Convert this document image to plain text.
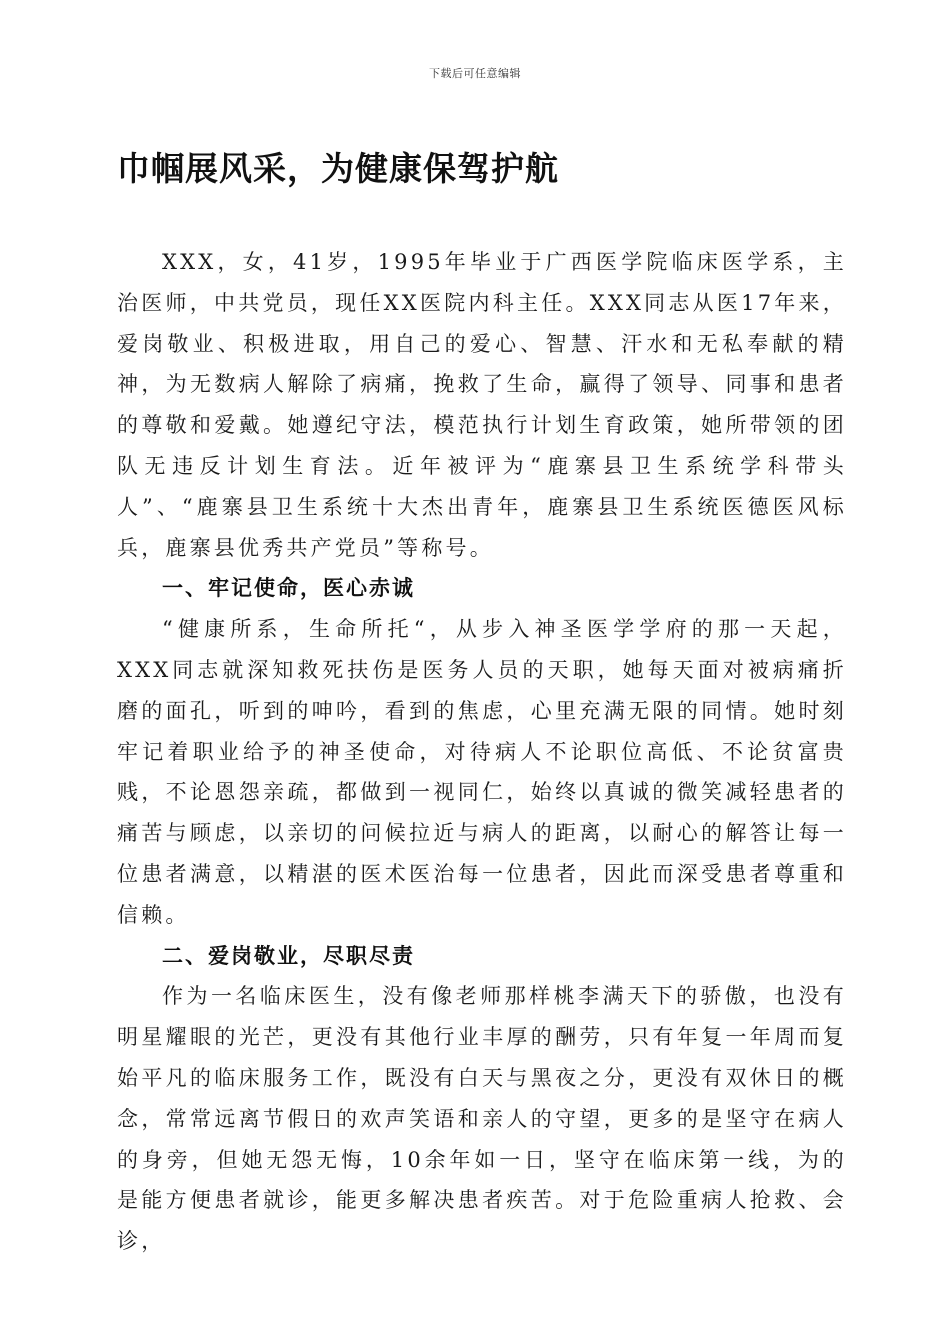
下载后可任意编辑
巾帼展风采，为健康保驾护航

XXX，女，41岁，1995年毕业于广西医学院临床医学系，主治医师，中共党员，现任XX医院内科主任。XXX同志从医17年来，爱岗敬业、积极进取，用自己的爱心、智慧、汗水和无私奉献的精神，为无数病人解除了病痛，挽救了生命，赢得了领导、同事和患者的尊敬和爱戴。她遵纪守法，模范执行计划生育政策，她所带领的团队无违反计划生育法。近年被评为“鹿寨县卫生系统学科带头人”、“鹿寨县卫生系统十大杰出青年，鹿寨县卫生系统医德医风标兵，鹿寨县优秀共产党员”等称号。

一、牢记使命，医心赤诚

“健康所系，生命所托“，从步入神圣医学学府的那一天起，XXX同志就深知救死扶伤是医务人员的天职，她每天面对被病痛折磨的面孔，听到的呻吟，看到的焦虑，心里充满无限的同情。她时刻牢记着职业给予的神圣使命，对待病人不论职位高低、不论贫富贵贱，不论恩怨亲疏，都做到一视同仁，始终以真诚的微笑减轻患者的痛苦与顾虑，以亲切的问候拉近与病人的距离，以耐心的解答让每一位患者满意，以精湛的医术医治每一位患者，因此而深受患者尊重和信赖。

二、爱岗敬业，尽职尽责

作为一名临床医生，没有像老师那样桃李满天下的骄傲，也没有明星耀眼的光芒，更没有其他行业丰厚的酬劳，只有年复一年周而复始平凡的临床服务工作，既没有白天与黑夜之分，更没有双休日的概念，常常远离节假日的欢声笑语和亲人的守望，更多的是坚守在病人的身旁，但她无怨无悔，10余年如一日，坚守在临床第一线，为的是能方便患者就诊，能更多解决患者疾苦。对于危险重病人抢救、会诊，
